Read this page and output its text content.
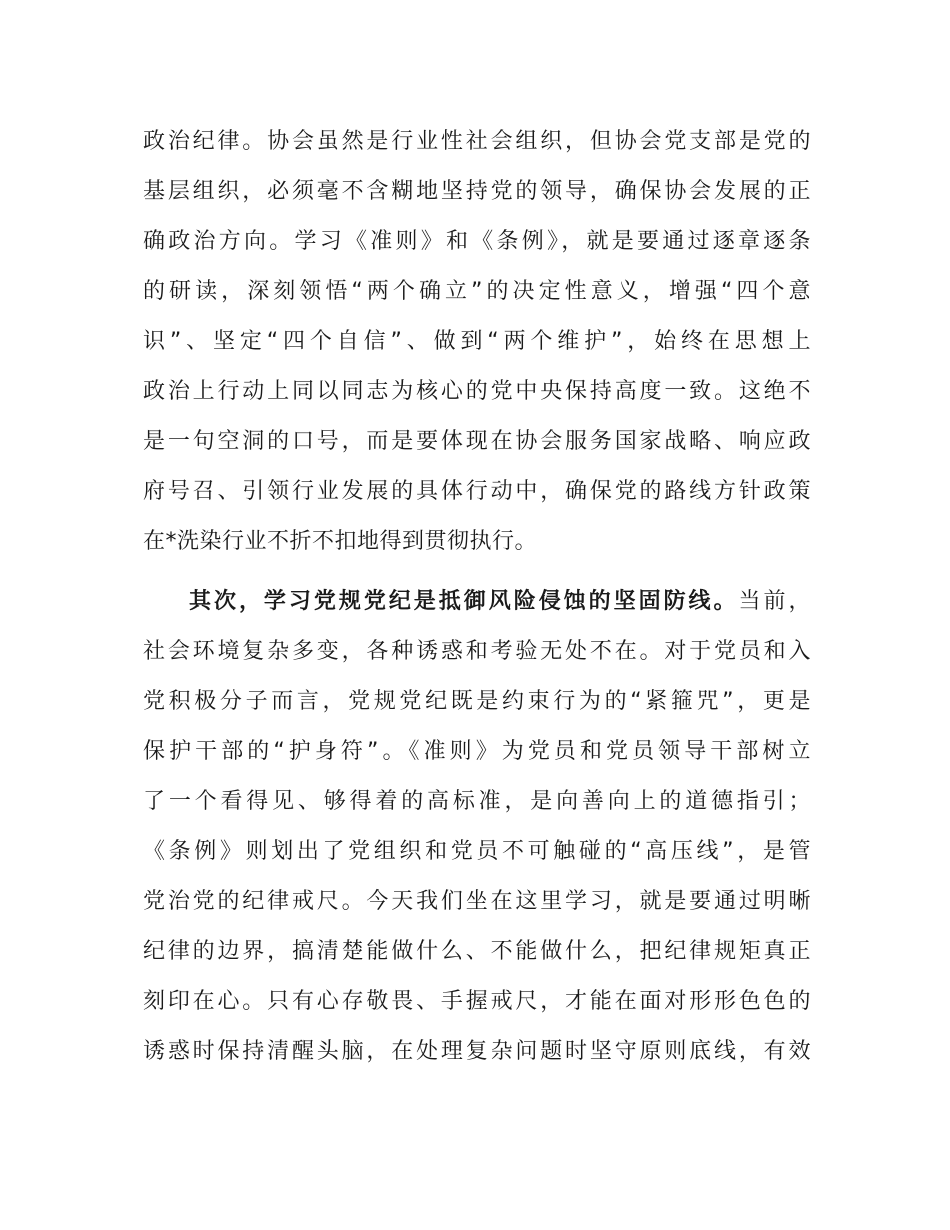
政治纪律。协会虽然是行业性社会组织，但协会党支部是党的

基层组织，必须毫不含糊地坚持党的领导，确保协会发展的正

确政治方向。学习《准则》和《条例》，就是要通过逐章逐条

的研读，深刻领悟“两个确立”的决定性意义，增强“四个意

识”、坚定“四个自信”、做到“两个维护”，始终在思想上

政治上行动上同以同志为核心的党中央保持高度一致。这绝不

是一句空洞的口号，而是要体现在协会服务国家战略、响应政

府号召、引领行业发展的具体行动中，确保党的路线方针政策

在*洗染行业不折不扣地得到贯彻执行。

其次，学习党规党纪是抵御风险侵蚀的坚固防线。当前，

社会环境复杂多变，各种诱惑和考验无处不在。对于党员和入

党积极分子而言，党规党纪既是约束行为的“紧箍咒”，更是

保护干部的“护身符”。《准则》为党员和党员领导干部树立

了一个看得见、够得着的高标准，是向善向上的道德指引；

《条例》则划出了党组织和党员不可触碰的“高压线”，是管

党治党的纪律戒尺。今天我们坐在这里学习，就是要通过明晰

纪律的边界，搞清楚能做什么、不能做什么，把纪律规矩真正

刻印在心。只有心存敬畏、手握戒尺，才能在面对形形色色的

诱惑时保持清醒头脑，在处理复杂问题时坚守原则底线，有效
